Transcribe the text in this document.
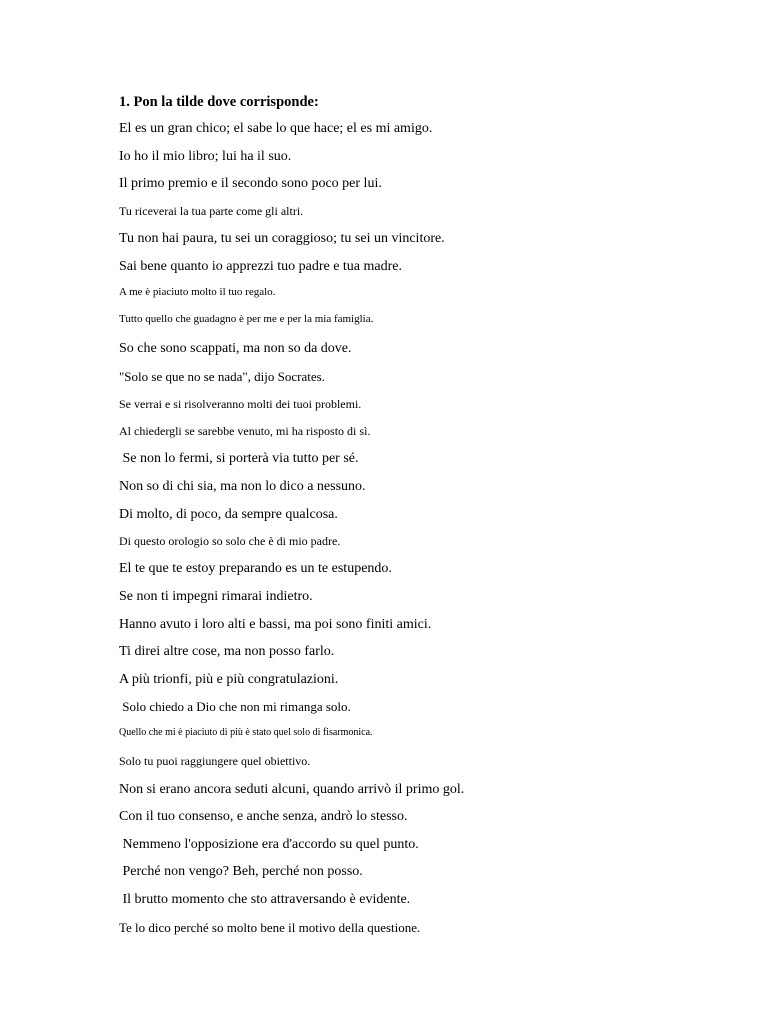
1. Pon la tilde dove corrisponde:

El es un gran chico; el sabe lo que hace; el es mi amigo.

Io ho il mio libro; lui ha il suo.

Il primo premio e il secondo sono poco per lui.

Tu riceverai la tua parte come gli altri.

Tu non hai paura, tu sei un coraggioso; tu sei un vincitore.

Sai bene quanto io apprezzi tuo padre e tua madre.

A me è piaciuto molto il tuo regalo.

Tutto quello che guadagno è per me e per la mia famiglia.

So che sono scappati, ma non so da dove.

"Solo se que no se nada", dijo Socrates.

Se verrai e si risolveranno molti dei tuoi problemi.

Al chiedergli se sarebbe venuto, mi ha risposto di sì.

Se non lo fermi, si porterà via tutto per sé.

Non so di chi sia, ma non lo dico a nessuno.

Di molto, di poco, da sempre qualcosa.

Di questo orologio so solo che è di mio padre.

El te que te estoy preparando es un te estupendo.

Se non ti impegni rimarai indietro.

Hanno avuto i loro alti e bassi, ma poi sono finiti amici.

Ti direi altre cose, ma non posso farlo.

A più trionfi, più e più congratulazioni.

Solo chiedo a Dio che non mi rimanga solo.

Quello che mi è piaciuto di più è stato quel solo di fisarmonica.

Solo tu puoi raggiungere quel obiettivo.

Non si erano ancora seduti alcuni, quando arrivò il primo gol.

Con il tuo consenso, e anche senza, andrò lo stesso.

Nemmeno l'opposizione era d'accordo su quel punto.

Perché non vengo? Beh, perché non posso.

Il brutto momento che sto attraversando è evidente.

Te lo dico perché so molto bene il motivo della questione.
